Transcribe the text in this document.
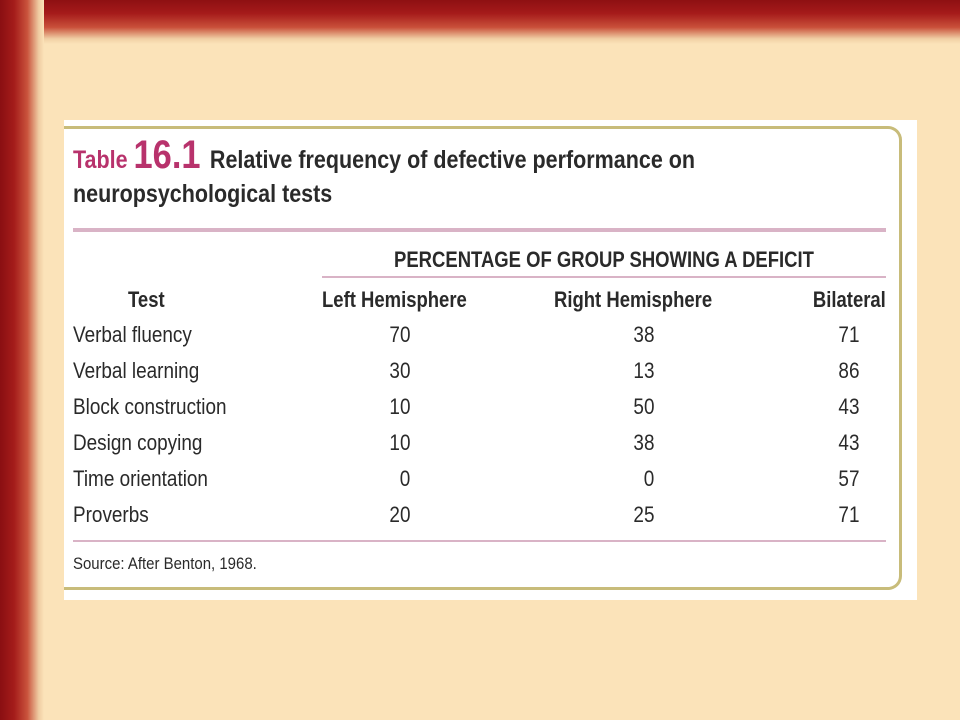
Table 16.1 Relative frequency of defective performance on
neuropsychological tests
PERCENTAGE OF GROUP SHOWING A DEFICIT
Test	Left Hemisphere	Right Hemisphere	Bilateral
Verbal fluency	70	38	71
Verbal learning	30	13	86
Block construction	10	50	43
Design copying	10	38	43
Time orientation	0	0	57
Proverbs	20	25	71
Source: After Benton, 1968.
